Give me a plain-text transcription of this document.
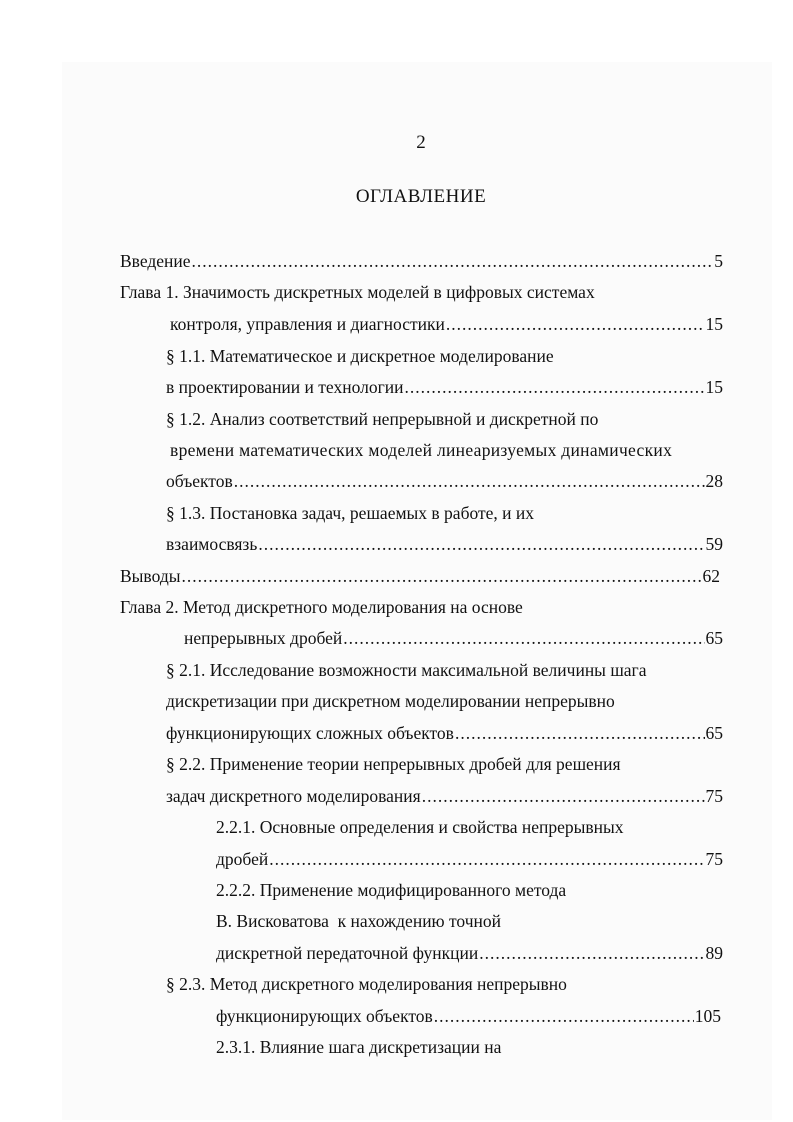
2
ОГЛАВЛЕНИЕ
Введение .....	5
Глава 1. Значимость дискретных моделей в цифровых системах
контроля, управления и диагностики .....	15
§ 1.1. Математическое и дискретное моделирование
в проектировании и технологии .....	15
§ 1.2. Анализ соответствий непрерывной и дискретной по
времени математических моделей линеаризуемых динамических
объектов .....	28
§ 1.3. Постановка задач, решаемых в работе, и их
взаимосвязь .....	59
Выводы .....	62
Глава 2. Метод дискретного моделирования на основе
непрерывных дробей .....	65
§ 2.1. Исследование возможности максимальной величины шага
дискретизации при дискретном моделировании непрерывно
функционирующих сложных объектов .....	65
§ 2.2. Применение теории непрерывных дробей для решения
задач дискретного моделирования .....	75
2.2.1. Основные определения и свойства непрерывных
дробей .....	75
2.2.2. Применение модифицированного метода
В. Висковатова  к нахождению точной
дискретной передаточной функции .....	89
§ 2.3. Метод дискретного моделирования непрерывно
функционирующих объектов .....	105
2.3.1. Влияние шага дискретизации на
